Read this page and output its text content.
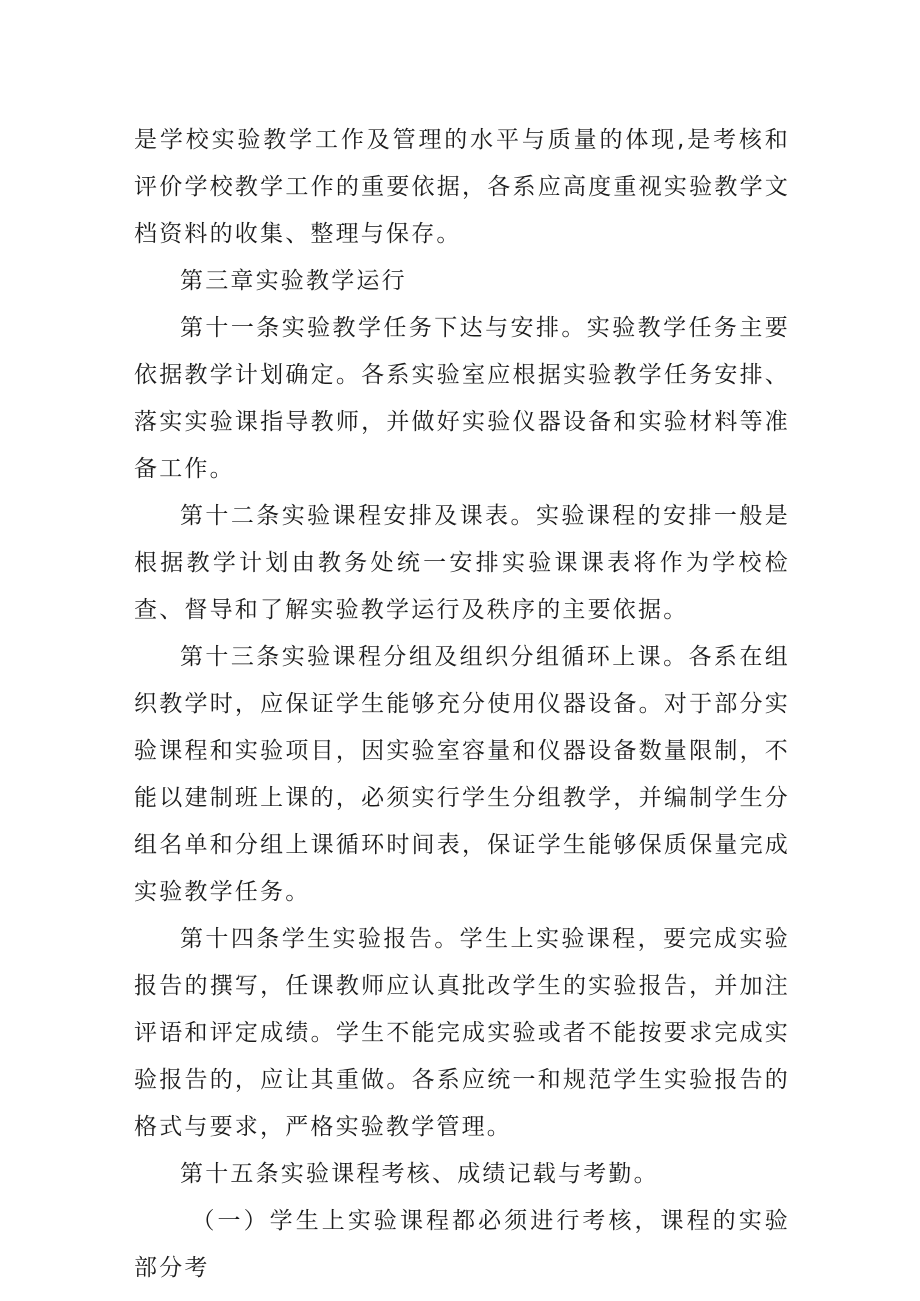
是学校实验教学工作及管理的水平与质量的体现,是考核和评价学校教学工作的重要依据，各系应高度重视实验教学文档资料的收集、整理与保存。

第三章实验教学运行

第十一条实验教学任务下达与安排。实验教学任务主要依据教学计划确定。各系实验室应根据实验教学任务安排、落实实验课指导教师，并做好实验仪器设备和实验材料等准备工作。

第十二条实验课程安排及课表。实验课程的安排一般是根据教学计划由教务处统一安排实验课课表将作为学校检查、督导和了解实验教学运行及秩序的主要依据。

第十三条实验课程分组及组织分组循环上课。各系在组织教学时，应保证学生能够充分使用仪器设备。对于部分实验课程和实验项目，因实验室容量和仪器设备数量限制，不能以建制班上课的，必须实行学生分组教学，并编制学生分组名单和分组上课循环时间表，保证学生能够保质保量完成实验教学任务。

第十四条学生实验报告。学生上实验课程，要完成实验报告的撰写，任课教师应认真批改学生的实验报告，并加注评语和评定成绩。学生不能完成实验或者不能按要求完成实验报告的，应让其重做。各系应统一和规范学生实验报告的格式与要求，严格实验教学管理。

第十五条实验课程考核、成绩记载与考勤。

（一）学生上实验课程都必须进行考核，课程的实验部分考
